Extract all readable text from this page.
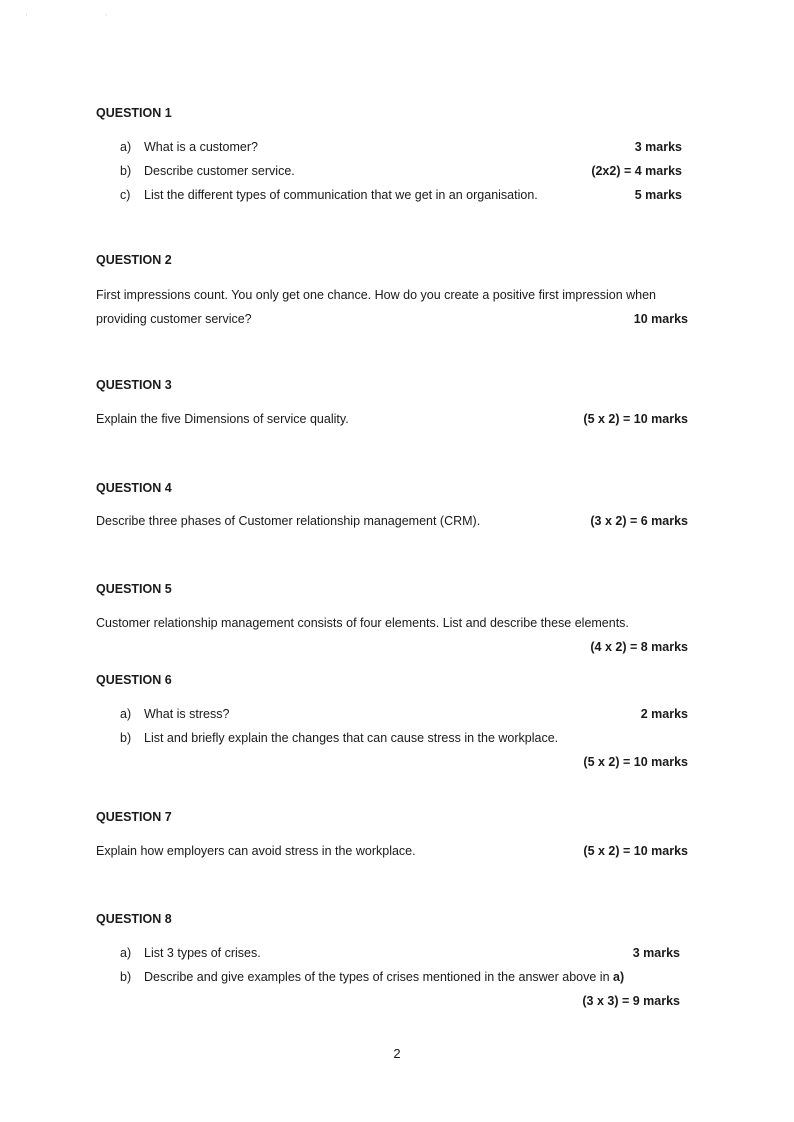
' '
QUESTION 1
a) What is a customer?	3 marks
b) Describe customer service.	(2x2) = 4 marks
c) List the different types of communication that we get in an organisation.	5 marks
QUESTION 2
First impressions count. You only get one chance. How do you create a positive first impression when
providing customer service?	10 marks
QUESTION 3
Explain the five Dimensions of service quality.	(5 x 2) = 10 marks
QUESTION 4
Describe three phases of Customer relationship management (CRM).	(3 x 2) = 6 marks
QUESTION 5
Customer relationship management consists of four elements. List and describe these elements.
(4 x 2) = 8 marks
QUESTION 6
a) What is stress?	2 marks
b) List and briefly explain the changes that can cause stress in the workplace.
(5 x 2) = 10 marks
QUESTION 7
Explain how employers can avoid stress in the workplace.	(5 x 2) = 10 marks
QUESTION 8
a) List 3 types of crises.	3 marks
b) Describe and give examples of the types of crises mentioned in the answer above in a)
(3 x 3) = 9 marks
2
